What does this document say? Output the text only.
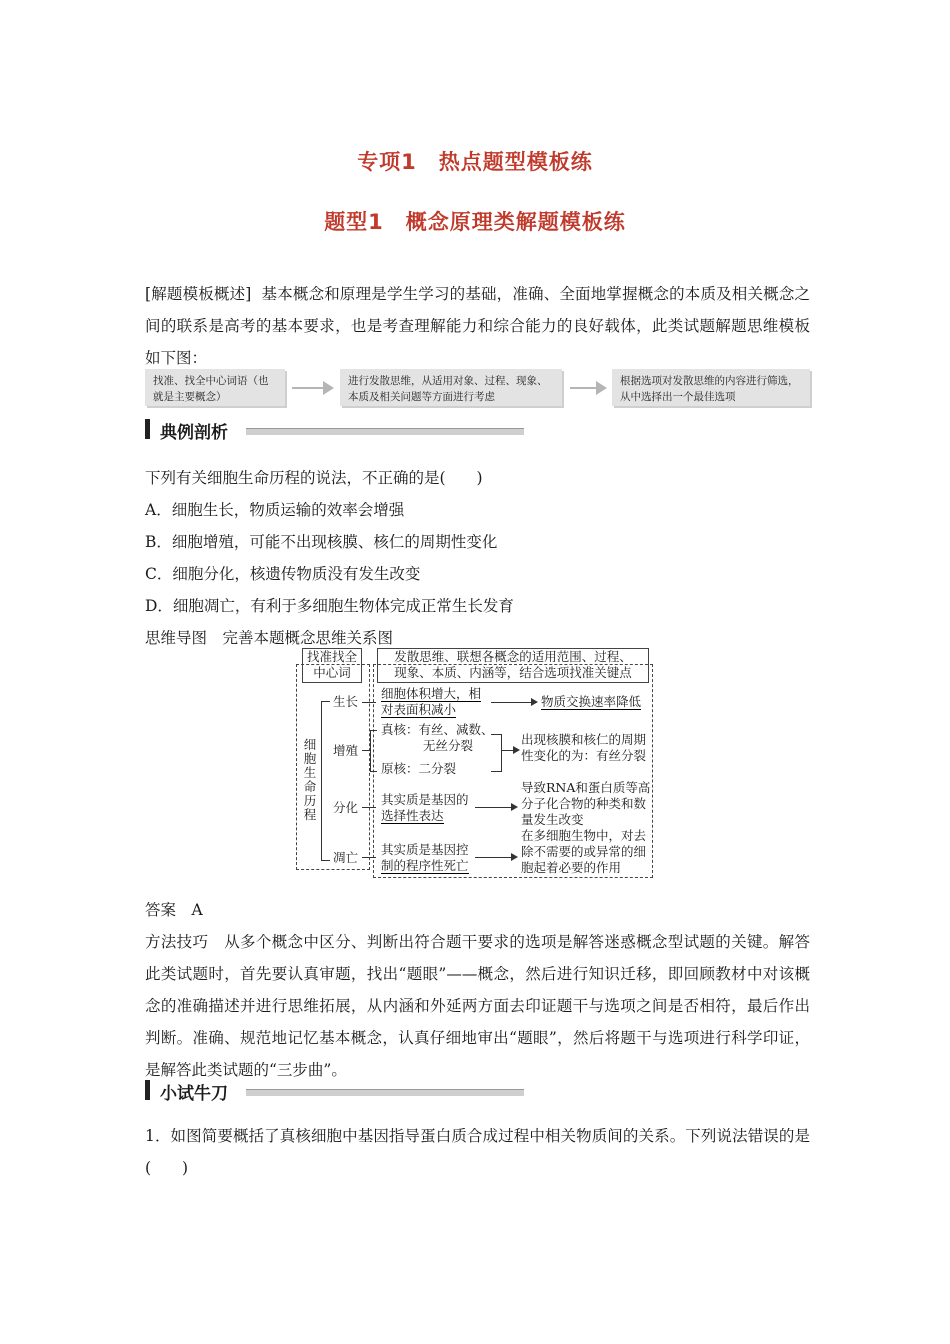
专项1　热点题型模板练
题型1　概念原理类解题模板练
[解题模板概述] 基本概念和原理是学生学习的基础，准确、全面地掌握概念的本质及相关概念之间的联系是高考的基本要求，也是考查理解能力和综合能力的良好载体，此类试题解题思维模板如下图：
找准、找全中心词语（也就是主要概念）
进行发散思维，从适用对象、过程、现象、本质及相关问题等方面进行考虑
根据选项对发散思维的内容进行筛选，从中选择出一个最佳选项
典例剖析
下列有关细胞生命历程的说法，不正确的是(　　)
A．细胞生长，物质运输的效率会增强
B．细胞增殖，可能不出现核膜、核仁的周期性变化
C．细胞分化，核遗传物质没有发生改变
D．细胞凋亡，有利于多细胞生物体完成正常生长发育
思维导图　完善本题概念思维关系图
找准找全
中心词
发散思维、联想各概念的适用范围、过程、
现象、本质、内涵等，结合选项找准关键点
细
胞
生
命
历
程
生长
增殖
分化
凋亡
细胞体积增大，相
对表面积减小
物质交换速率降低
真核：有丝、减数、
无丝分裂
原核：二分裂
出现核膜和核仁的周期
性变化的为：有丝分裂
其实质是基因的
选择性表达
导致RNA和蛋白质等高
分子化合物的种类和数
量发生改变
其实质是基因控
制的程序性死亡
在多细胞生物中，对去
除不需要的或异常的细
胞起着必要的作用
答案　A
方法技巧 从多个概念中区分、判断出符合题干要求的选项是解答迷惑概念型试题的关键。解答此类试题时，首先要认真审题，找出“题眼”——概念，然后进行知识迁移，即回顾教材中对该概念的准确描述并进行思维拓展，从内涵和外延两方面去印证题干与选项之间是否相符，最后作出判断。准确、规范地记忆基本概念，认真仔细地审出“题眼”，然后将题干与选项进行科学印证，是解答此类试题的“三步曲”。
小试牛刀
1．如图简要概括了真核细胞中基因指导蛋白质合成过程中相关物质间的关系。下列说法错误的是(　　)
